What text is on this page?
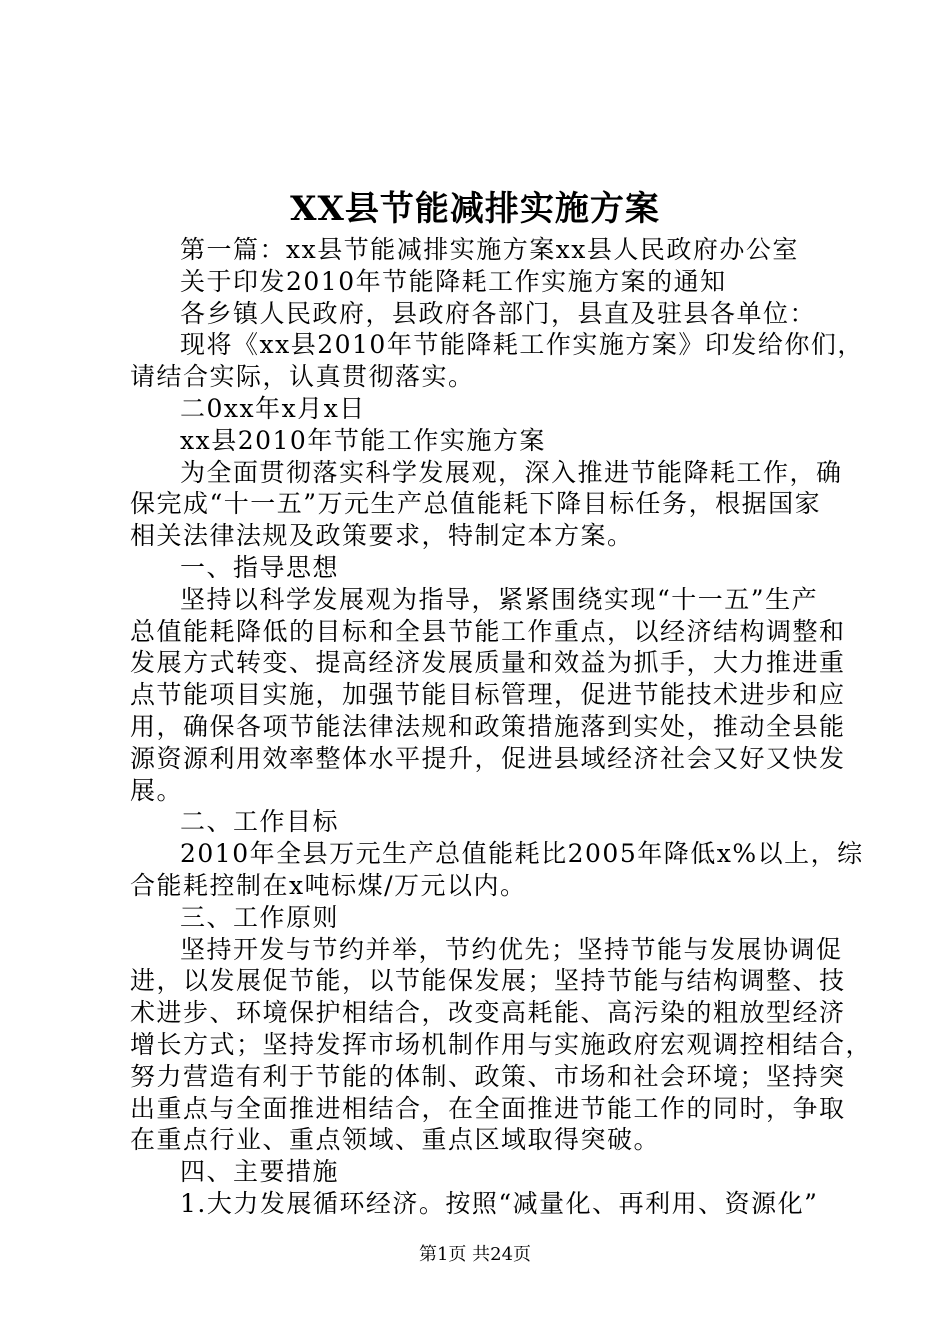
XX县节能减排实施方案
第一篇：xx县节能减排实施方案xx县人民政府办公室
关于印发2010年节能降耗工作实施方案的通知
各乡镇人民政府，县政府各部门，县直及驻县各单位：
现将《xx县2010年节能降耗工作实施方案》印发给你们，
请结合实际，认真贯彻落实。
二0xx年x月x日
xx县2010年节能工作实施方案
为全面贯彻落实科学发展观，深入推进节能降耗工作，确
保完成“十一五”万元生产总值能耗下降目标任务，根据国家
相关法律法规及政策要求，特制定本方案。
一、指导思想
坚持以科学发展观为指导，紧紧围绕实现“十一五”生产
总值能耗降低的目标和全县节能工作重点，以经济结构调整和
发展方式转变、提高经济发展质量和效益为抓手，大力推进重
点节能项目实施，加强节能目标管理，促进节能技术进步和应
用，确保各项节能法律法规和政策措施落到实处，推动全县能
源资源利用效率整体水平提升，促进县域经济社会又好又快发
展。
二、工作目标
2010年全县万元生产总值能耗比2005年降低x%以上，综
合能耗控制在x吨标煤/万元以内。
三、工作原则
坚持开发与节约并举，节约优先；坚持节能与发展协调促
进，以发展促节能，以节能保发展；坚持节能与结构调整、技
术进步、环境保护相结合，改变高耗能、高污染的粗放型经济
增长方式；坚持发挥市场机制作用与实施政府宏观调控相结合，
努力营造有利于节能的体制、政策、市场和社会环境；坚持突
出重点与全面推进相结合，在全面推进节能工作的同时，争取
在重点行业、重点领域、重点区域取得突破。
四、主要措施
1.大力发展循环经济。按照“减量化、再利用、资源化”
第1页 共24页
